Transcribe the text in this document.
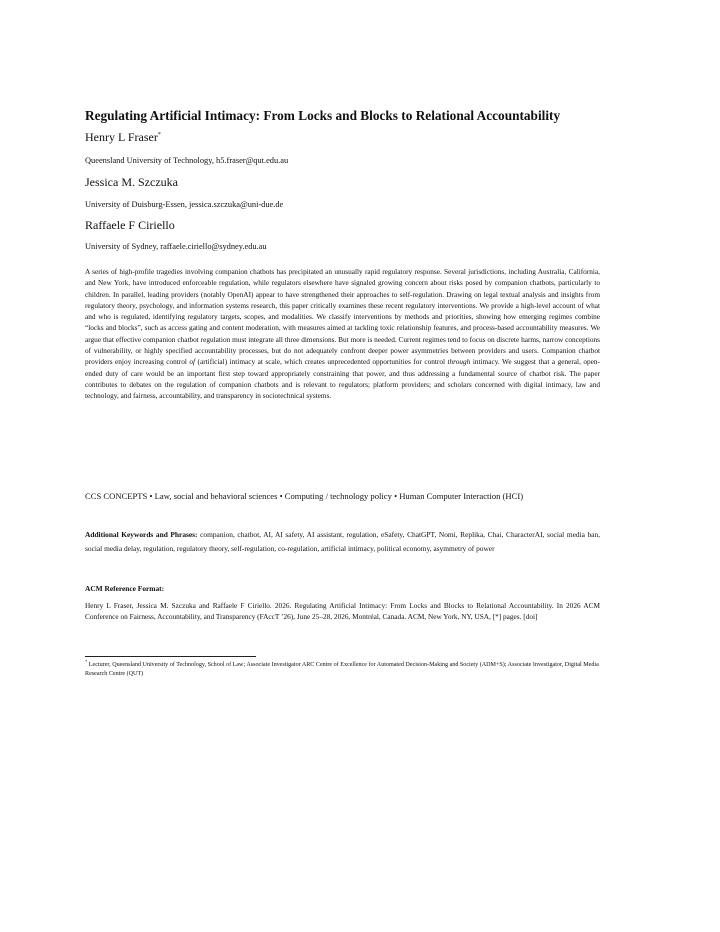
Regulating Artificial Intimacy: From Locks and Blocks to Relational Accountability
Henry L Fraser*
Queensland University of Technology, h5.fraser@qut.edu.au
Jessica M. Szczuka
University of Duisburg-Essen, jessica.szczuka@uni-due.de
Raffaele F Ciriello
University of Sydney, raffaele.ciriello@sydney.edu.au

A series of high-profile tragedies involving companion chatbots has precipitated an unusually rapid regulatory response. Several jurisdictions, including Australia, California, and New York, have introduced enforceable regulation, while regulators elsewhere have signaled growing concern about risks posed by companion chatbots, particularly to children. In parallel, leading providers (notably OpenAI) appear to have strengthened their approaches to self-regulation. Drawing on legal textual analysis and insights from regulatory theory, psychology, and information systems research, this paper critically examines these recent regulatory interventions. We provide a high-level account of what and who is regulated, identifying regulatory targets, scopes, and modalities. We classify interventions by methods and priorities, showing how emerging regimes combine “locks and blocks”, such as access gating and content moderation, with measures aimed at tackling toxic relationship features, and process-based accountability measures. We argue that effective companion chatbot regulation must integrate all three dimensions. But more is needed. Current regimes tend to focus on discrete harms, narrow conceptions of vulnerability, or highly specified accountability processes, but do not adequately confront deeper power asymmetries between providers and users. Companion chatbot providers enjoy increasing control of (artificial) intimacy at scale, which creates unprecedented opportunities for control through intimacy. We suggest that a general, open-ended duty of care would be an important first step toward appropriately constraining that power, and thus addressing a fundamental source of chatbot risk. The paper contributes to debates on the regulation of companion chatbots and is relevant to regulators; platform providers; and scholars concerned with digital intimacy, law and technology, and fairness, accountability, and transparency in sociotechnical systems.

CCS CONCEPTS • Law, social and behavioral sciences • Computing / technology policy • Human Computer Interaction (HCI)

Additional Keywords and Phrases: companion, chatbot, AI, AI safety, AI assistant, regulation, eSafety, ChatGPT, Nomi, Replika, Chai, CharacterAI, social media ban, social media delay, regulation, regulatory theory, self-regulation, co-regulation, artificial intimacy, political economy, asymmetry of power

ACM Reference Format:

Henry L Fraser, Jessica M. Szczuka and Raffaele F Ciriello. 2026. Regulating Artificial Intimacy: From Locks and Blocks to Relational Accountability. In 2026 ACM Conference on Fairness, Accountability, and Transparency (FAccT ’26), June 25–28, 2026, Montréal, Canada. ACM, New York, NY, USA, [*] pages. [doi]

* Lecturer, Queensland University of Technology, School of Law; Associate Investigator ARC Centre of Excellence for Automated Decision-Making and Society (ADM+S); Associate Investigator, Digital Media Research Centre (QUT)
